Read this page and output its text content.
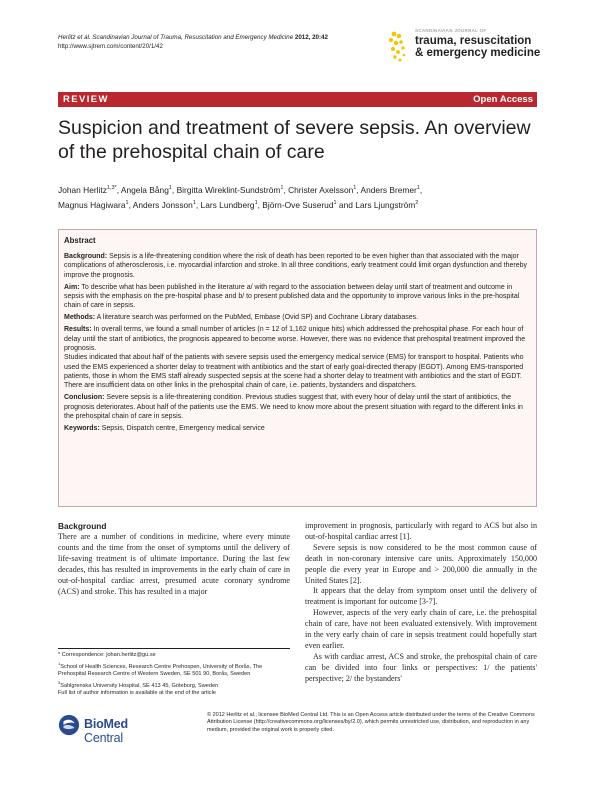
Herlitz et al. Scandinavian Journal of Trauma, Resuscitation and Emergency Medicine 2012, 20:42
http://www.sjtrem.com/content/20/1/42
SCANDINAVIAN JOURNAL OF
trauma, resuscitation
& emergency medicine
REVIEW	Open Access
Suspicion and treatment of severe sepsis. An overview of the prehospital chain of care
Johan Herlitz$^{1,3*}$, Angela Bång$^1$, Birgitta Wireklint-Sundström$^1$, Christer Axelsson$^1$, Anders Bremer$^1$,
Magnus Hagiwara$^1$, Anders Jonsson$^1$, Lars Lundberg$^1$, Björn-Ove Suserud$^1$ and Lars Ljungström$^2$
Abstract

Background: Sepsis is a life-threatening condition where the risk of death has been reported to be even higher than that associated with the major complications of atherosclerosis, i.e. myocardial infarction and stroke. In all three conditions, early treatment could limit organ dysfunction and thereby improve the prognosis.

Aim: To describe what has been published in the literature a/ with regard to the association between delay until start of treatment and outcome in sepsis with the emphasis on the pre-hospital phase and b/ to present published data and the opportunity to improve various links in the pre-hospital chain of care in sepsis.

Methods: A literature search was performed on the PubMed, Embase (Ovid SP) and Cochrane Library databases.

Results: In overall terms, we found a small number of articles (n = 12 of 1,162 unique hits) which addressed the prehospital phase. For each hour of delay until the start of antibiotics, the prognosis appeared to become worse. However, there was no evidence that prehospital treatment improved the prognosis.

Studies indicated that about half of the patients with severe sepsis used the emergency medical service (EMS) for transport to hospital. Patients who used the EMS experienced a shorter delay to treatment with antibiotics and the start of early goal-directed therapy (EGDT). Among EMS-transported patients, those in whom the EMS staff already suspected sepsis at the scene had a shorter delay to treatment with antibiotics and the start of EGDT.

There are insufficient data on other links in the prehospital chain of care, i.e. patients, bystanders and dispatchers.

Conclusion: Severe sepsis is a life-threatening condition. Previous studies suggest that, with every hour of delay until the start of antibiotics, the prognosis deteriorates. About half of the patients use the EMS. We need to know more about the present situation with regard to the different links in the prehospital chain of care in sepsis.

Keywords: Sepsis, Dispatch centre, Emergency medical service

Background

There are a number of conditions in medicine, where every minute counts and the time from the onset of symptoms until the delivery of life-saving treatment is of ultimate importance. During the last few decades, this has resulted in improvements in the early chain of care in out-of-hospital cardiac arrest, presumed acute coronary syndrome (ACS) and stroke. This has resulted in a major

improvement in prognosis, particularly with regard to ACS but also in out-of-hospital cardiac arrest [1].

Severe sepsis is now considered to be the most common cause of death in non-coronary intensive care units. Approximately 150,000 people die every year in Europe and > 200,000 die annually in the United States [2].

It appears that the delay from symptom onset until the delivery of treatment is important for outcome [3-7].

However, aspects of the very early chain of care, i.e. the prehospital chain of care, have not been evaluated extensively. With improvement in the very early chain of care in sepsis treatment could hopefully start even earlier.

As with cardiac arrest, ACS and stroke, the prehospital chain of care can be divided into four links or perspectives: 1/ the patients' perspective; 2/ the bystanders'

* Correspondence: johan.herlitz@gu.se
$^1$School of Health Sciences, Research Centre Prehospen, University of Borås, The Prehospital Research Centre of Western Sweden, SE 501 90, Borås, Sweden
$^3$Sahlgrenska University Hospital, SE 413 45, Göteborg, Sweden
Full list of author information is available at the end of the article
BioMed Central
© 2012 Herlitz et al.; licensee BioMed Central Ltd. This is an Open Access article distributed under the terms of the Creative Commons Attribution License (http://creativecommons.org/licenses/by/2.0), which permits unrestricted use, distribution, and reproduction in any medium, provided the original work is properly cited.
